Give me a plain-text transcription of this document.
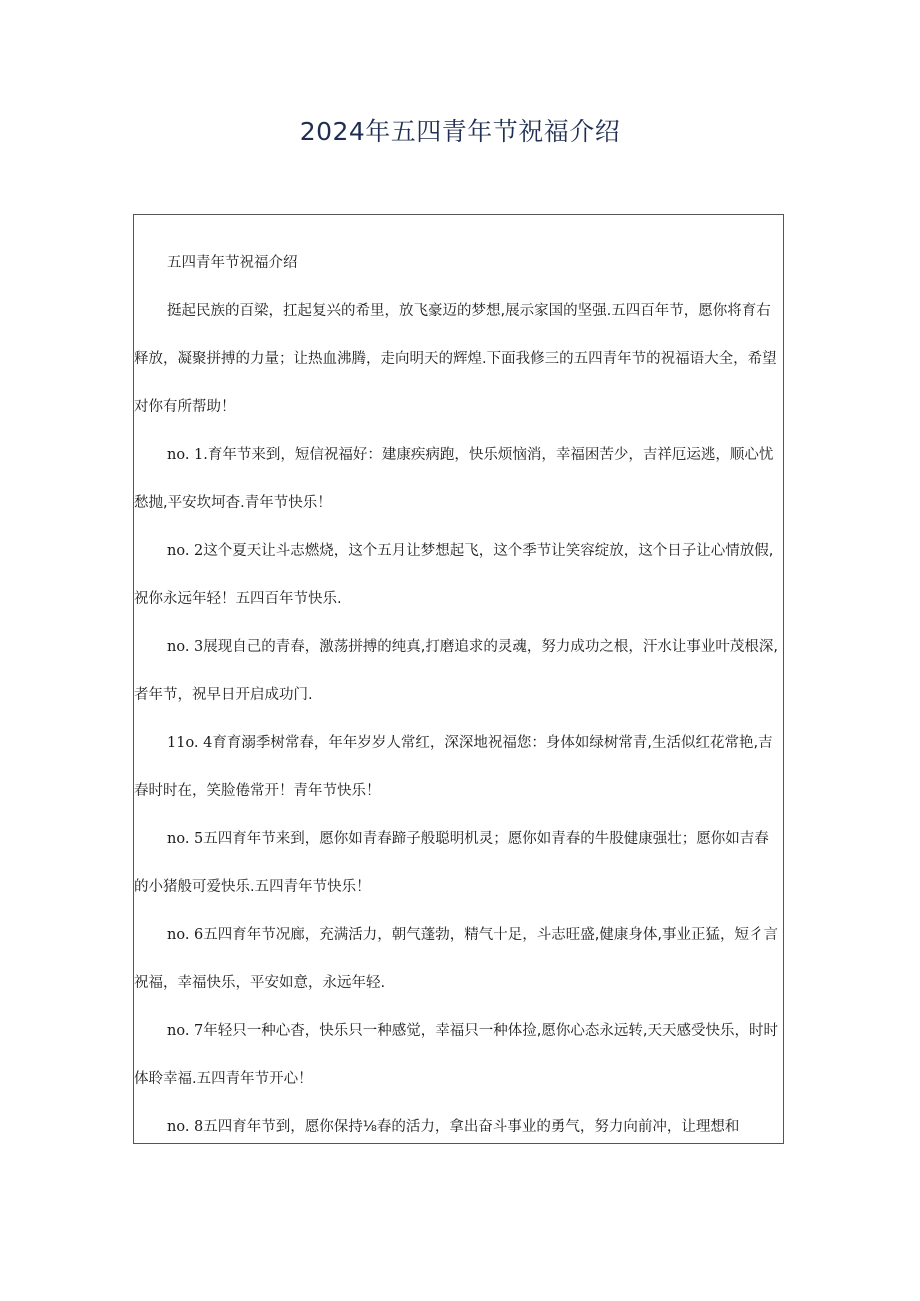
2024年五四青年节祝福介绍

五四青年节祝福介绍

挺起民族的百梁，扛起复兴的希里，放飞豪迈的梦想,展示家国的坚强.五四百年节，愿你将育右释放，凝聚拼搏的力量；让热血沸腾，走向明天的辉煌.下面我修三的五四青年节的祝福语大全，希望对你有所帮助！

no. 1.育年节来到，短信祝福好：建康疾病跑，快乐烦恼消，幸福困苦少，吉祥厄运逃，顺心忧愁抛,平安坎坷杳.青年节快乐！

no. 2这个夏天让斗志燃烧，这个五月让梦想起飞，这个季节让笑容绽放，这个日子让心情放假,祝你永远年轻！五四百年节快乐.

no. 3展现自己的青春，激荡拼搏的纯真,打磨追求的灵魂，努力成功之根，汗水让事业叶茂根深,者年节，祝早日开启成功门.

11o. 4育育溺季树常春，年年岁岁人常红，深深地祝福您：身体如绿树常青,生活似红花常艳,吉春时时在，笑脸倦常开！青年节快乐！

no. 5五四育年节来到，愿你如青春蹄子般聪明机灵；愿你如青春的牛股健康强壮；愿你如吉春的小猪般可爱快乐.五四青年节快乐！

no. 6五四育年节况廊，充满活力，朝气蓬勃，精气十足，斗志旺盛,健康身体,事业正猛，短彳言祝福，幸福快乐，平安如意，永远年轻.

no. 7年轻只一种心杳，快乐只一种感觉，幸福只一种体捡,愿你心态永远转,天天感受快乐，时时体聆幸福.五四青年节开心！

no. 8五四育年节到，愿你保持⅛春的活力，拿出奋斗事业的勇气，努力向前冲，让理想和
